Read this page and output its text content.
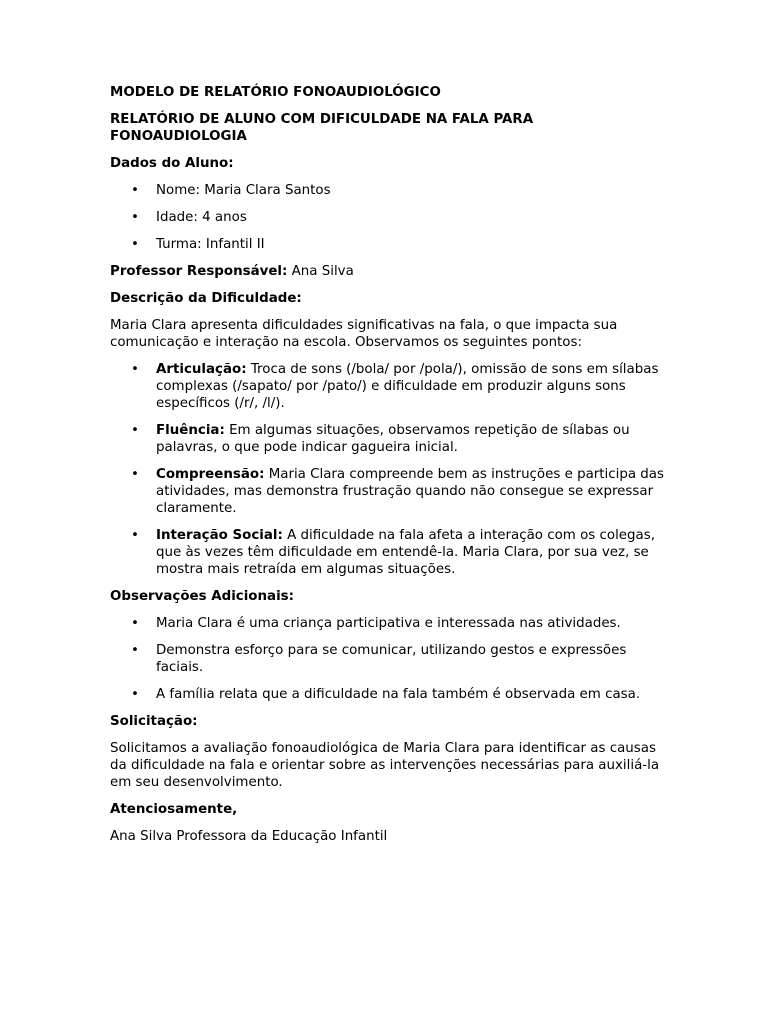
MODELO DE RELATÓRIO FONOAUDIOLÓGICO

RELATÓRIO DE ALUNO COM DIFICULDADE NA FALA PARA FONOAUDIOLOGIA

Dados do Aluno:

• Nome: Maria Clara Santos
• Idade: 4 anos
• Turma: Infantil II

Professor Responsável: Ana Silva

Descrição da Dificuldade:

Maria Clara apresenta dificuldades significativas na fala, o que impacta sua comunicação e interação na escola. Observamos os seguintes pontos:

• Articulação: Troca de sons (/bola/ por /pola/), omissão de sons em sílabas complexas (/sapato/ por /pato/) e dificuldade em produzir alguns sons específicos (/r/, /l/).
• Fluência: Em algumas situações, observamos repetição de sílabas ou palavras, o que pode indicar gagueira inicial.
• Compreensão: Maria Clara compreende bem as instruções e participa das atividades, mas demonstra frustração quando não consegue se expressar claramente.
• Interação Social: A dificuldade na fala afeta a interação com os colegas, que às vezes têm dificuldade em entendê-la. Maria Clara, por sua vez, se mostra mais retraída em algumas situações.

Observações Adicionais:

• Maria Clara é uma criança participativa e interessada nas atividades.
• Demonstra esforço para se comunicar, utilizando gestos e expressões faciais.
• A família relata que a dificuldade na fala também é observada em casa.

Solicitação:

Solicitamos a avaliação fonoaudiológica de Maria Clara para identificar as causas da dificuldade na fala e orientar sobre as intervenções necessárias para auxiliá-la em seu desenvolvimento.

Atenciosamente,

Ana Silva Professora da Educação Infantil
